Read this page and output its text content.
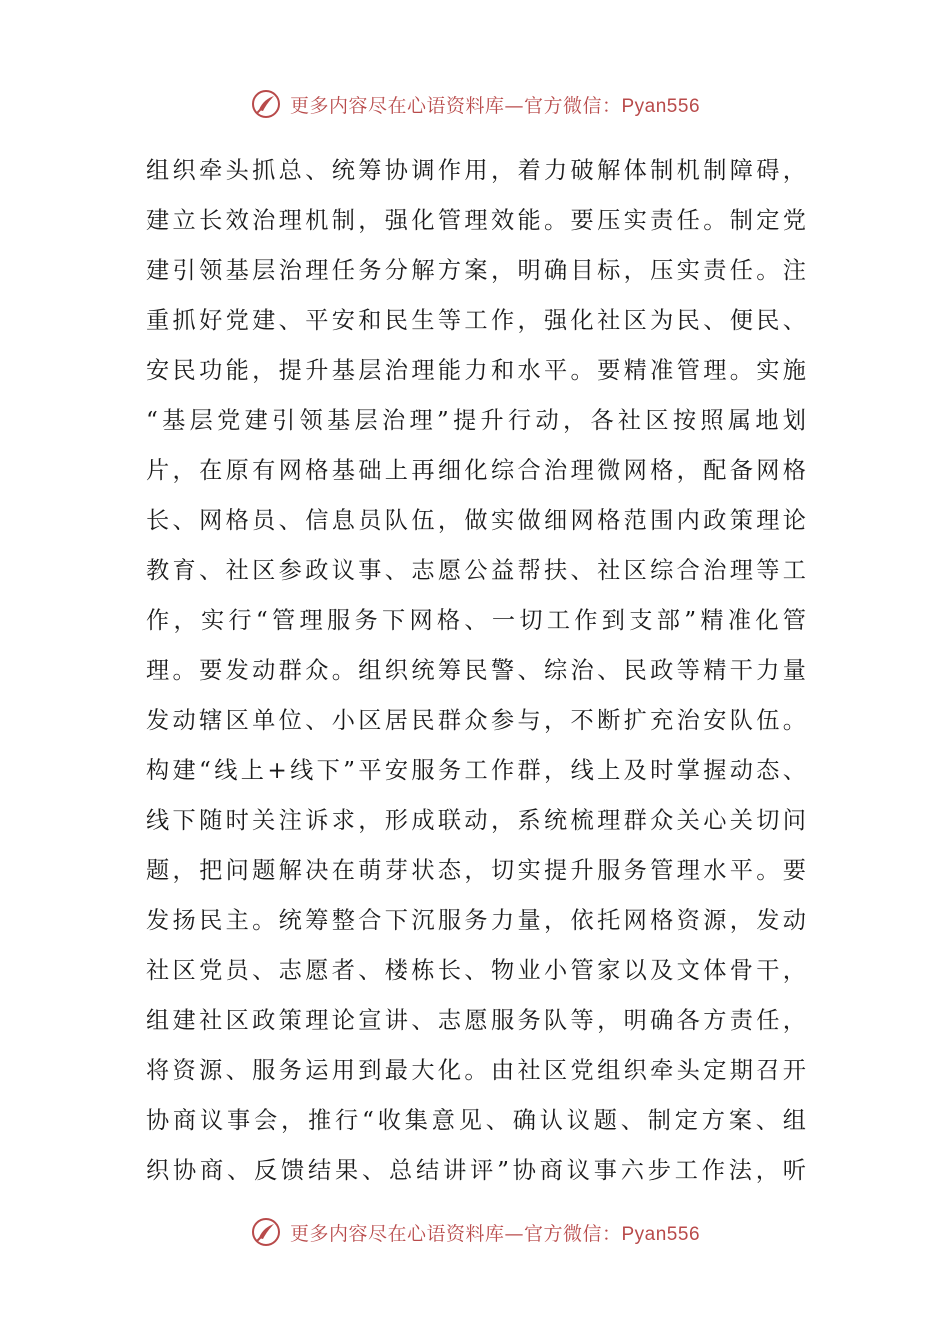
更多内容尽在心语资料库—官方微信：Pyan556
组织牵头抓总、统筹协调作用，着力破解体制机制障碍，
建立长效治理机制，强化管理效能。要压实责任。制定党
建引领基层治理任务分解方案，明确目标，压实责任。注
重抓好党建、平安和民生等工作，强化社区为民、便民、
安民功能，提升基层治理能力和水平。要精准管理。实施
“基层党建引领基层治理”提升行动，各社区按照属地划
片，在原有网格基础上再细化综合治理微网格，配备网格
长、网格员、信息员队伍，做实做细网格范围内政策理论
教育、社区参政议事、志愿公益帮扶、社区综合治理等工
作，实行“管理服务下网格、一切工作到支部”精准化管
理。要发动群众。组织统筹民警、综治、民政等精干力量
发动辖区单位、小区居民群众参与，不断扩充治安队伍。
构建“线上+线下”平安服务工作群，线上及时掌握动态、
线下随时关注诉求，形成联动，系统梳理群众关心关切问
题，把问题解决在萌芽状态，切实提升服务管理水平。要
发扬民主。统筹整合下沉服务力量，依托网格资源，发动
社区党员、志愿者、楼栋长、物业小管家以及文体骨干，
组建社区政策理论宣讲、志愿服务队等，明确各方责任，
将资源、服务运用到最大化。由社区党组织牵头定期召开
协商议事会，推行“收集意见、确认议题、制定方案、组
织协商、反馈结果、总结讲评”协商议事六步工作法，听
更多内容尽在心语资料库—官方微信：Pyan556
